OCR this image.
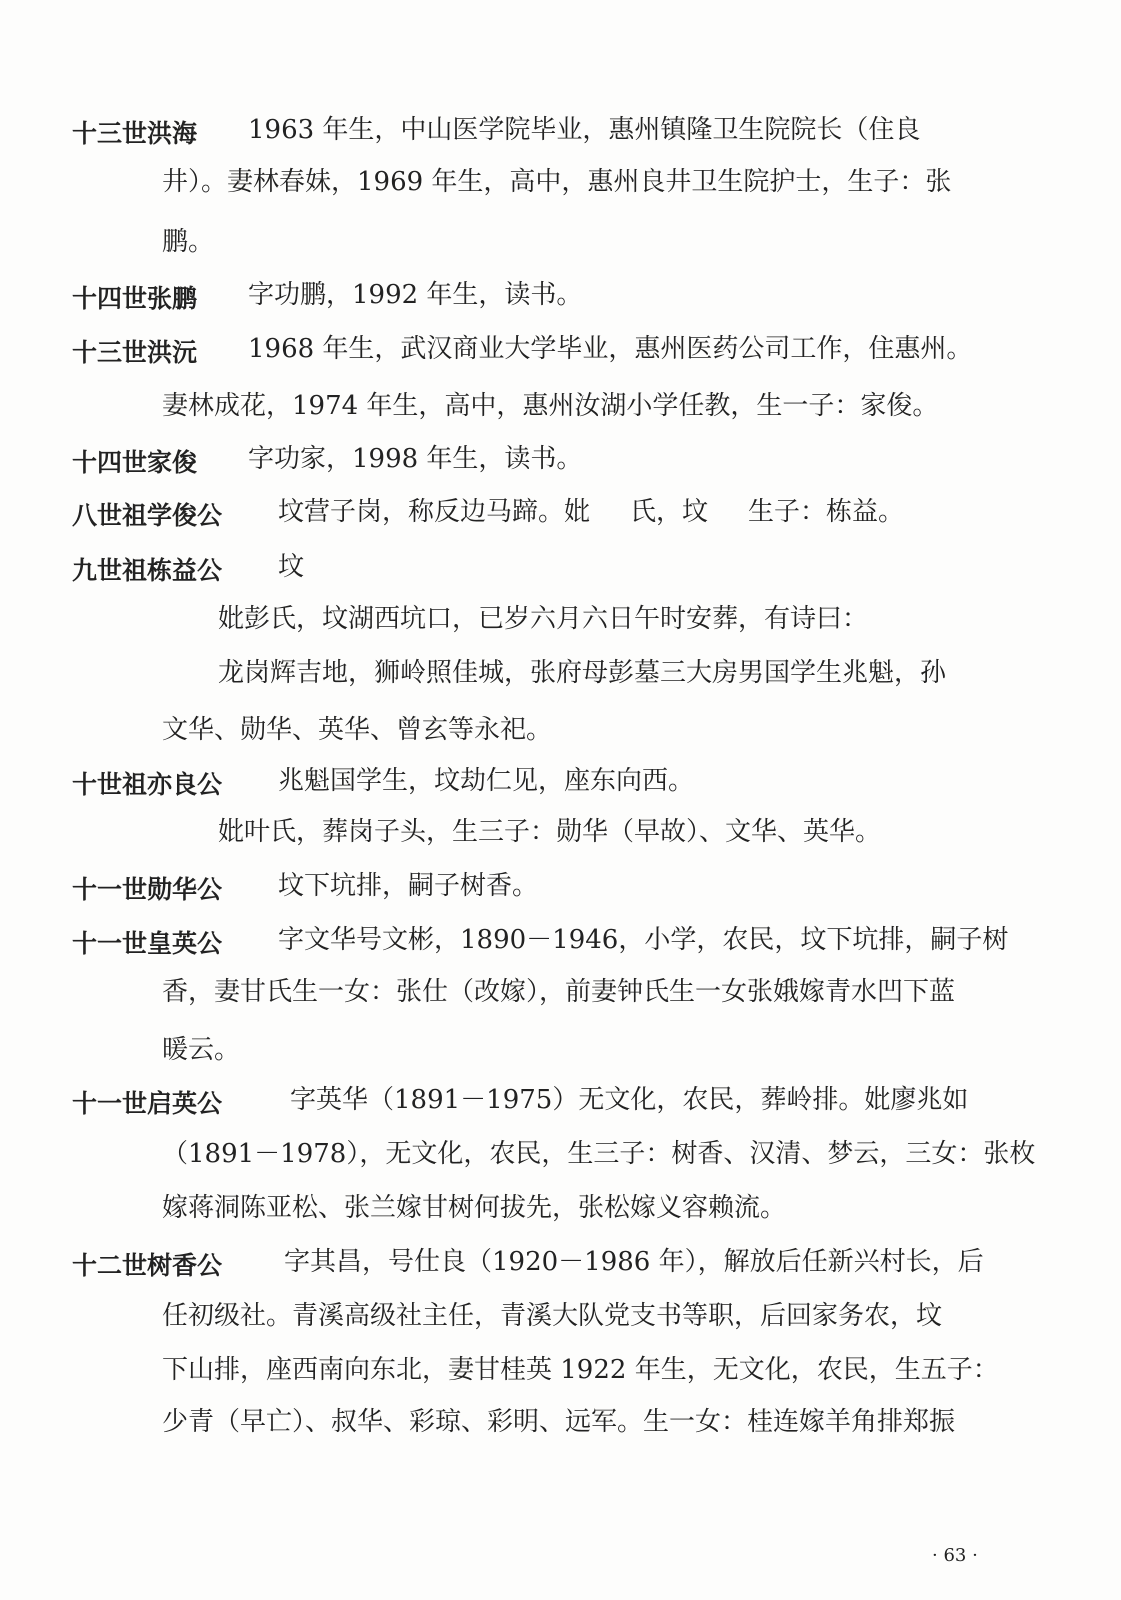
十三世洪海 1963 年生，中山医学院毕业，惠州镇隆卫生院院长（住良
井）。妻林春妹，1969 年生，高中，惠州良井卫生院护士，生子：张
鹏。
十四世张鹏 字功鹏，1992 年生，读书。
十三世洪沅 1968 年生，武汉商业大学毕业，惠州医药公司工作，住惠州。
妻林成花，1974 年生，高中，惠州汝湖小学任教，生一子：家俊。
十四世家俊 字功家，1998 年生，读书。
八世祖学俊公 坟营子岗，称反边马蹄。妣 氏，坟 生子：栋益。
九世祖栋益公 坟
妣彭氏，坟湖西坑口，已岁六月六日午时安葬，有诗曰：
龙岗辉吉地，狮岭照佳城，张府母彭墓三大房男国学生兆魁，孙
文华、勋华、英华、曾玄等永祀。
十世祖亦良公 兆魁国学生，坟劫仁见，座东向西。
妣叶氏，葬岗子头，生三子：勋华（早故）、文华、英华。
十一世勋华公 坟下坑排，嗣子树香。
十一世皇英公 字文华号文彬，1890－1946，小学，农民，坟下坑排，嗣子树
香，妻甘氏生一女：张仕（改嫁），前妻钟氏生一女张娥嫁青水凹下蓝
暖云。
十一世启英公	字英华（1891－1975）无文化，农民，葬岭排。妣廖兆如
（1891－1978），无文化，农民，生三子：树香、汉清、梦云，三女：张枚
嫁蒋洞陈亚松、张兰嫁甘树何拔先，张松嫁义容赖流。
十二世树香公 字其昌，号仕良（1920－1986 年），解放后任新兴村长，后
任初级社。青溪高级社主任，青溪大队党支书等职，后回家务农，坟
下山排，座西南向东北，妻甘桂英 1922 年生，无文化，农民，生五子：
少青（早亡）、叔华、彩琼、彩明、远军。生一女：桂连嫁羊角排郑振
· 63 ·
